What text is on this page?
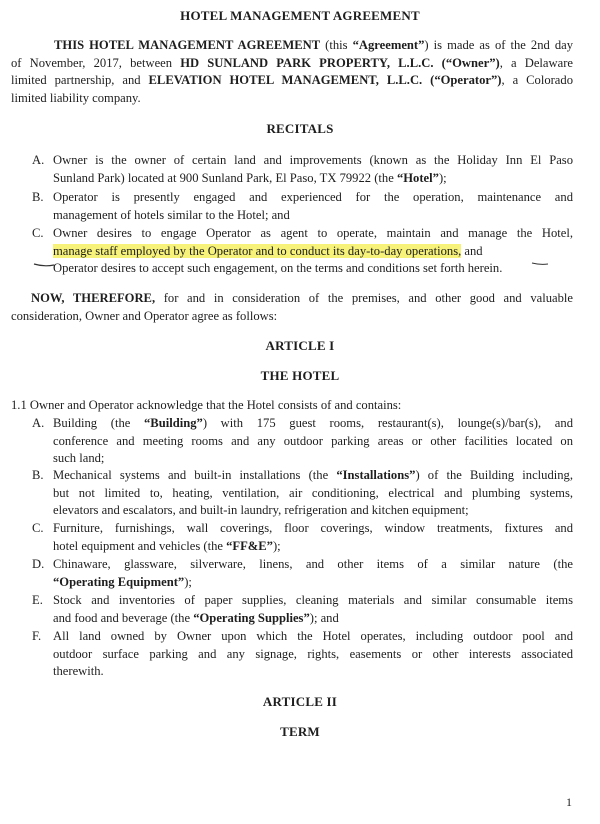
HOTEL MANAGEMENT AGREEMENT
THIS HOTEL MANAGEMENT AGREEMENT (this “Agreement”) is made as of the 2nd day
of November, 2017, between HD SUNLAND PARK PROPERTY, L.L.C. (“Owner”), a Delaware
limited partnership, and ELEVATION HOTEL MANAGEMENT, L.L.C. (“Operator”), a Colorado
limited liability company.
RECITALS
A. Owner is the owner of certain land and improvements (known as the Holiday Inn El Paso
Sunland Park) located at 900 Sunland Park, El Paso, TX 79922 (the “Hotel”);
B. Operator is presently engaged and experienced for the operation, maintenance and
management of hotels similar to the Hotel; and
C. Owner desires to engage Operator as agent to operate, maintain and manage the Hotel,
manage staff employed by the Operator and to conduct its day-to-day operations, and
Operator desires to accept such engagement, on the terms and conditions set forth herein.
NOW, THEREFORE, for and in consideration of the premises, and other good and valuable
consideration, Owner and Operator agree as follows:
ARTICLE I
THE HOTEL
1.1 Owner and Operator acknowledge that the Hotel consists of and contains:
A. Building (the “Building”) with 175 guest rooms, restaurant(s), lounge(s)/bar(s), and
conference and meeting rooms and any outdoor parking areas or other facilities located on
such land;
B. Mechanical systems and built-in installations (the “Installations”) of the Building including,
but not limited to, heating, ventilation, air conditioning, electrical and plumbing systems,
elevators and escalators, and built-in laundry, refrigeration and kitchen equipment;
C. Furniture, furnishings, wall coverings, floor coverings, window treatments, fixtures and
hotel equipment and vehicles (the “FF&E”);
D. Chinaware, glassware, silverware, linens, and other items of a similar nature (the
“Operating Equipment”);
E. Stock and inventories of paper supplies, cleaning materials and similar consumable items
and food and beverage (the “Operating Supplies”); and
F. All land owned by Owner upon which the Hotel operates, including outdoor pool and
outdoor surface parking and any signage, rights, easements or other interests associated
therewith.
ARTICLE II
TERM
1
